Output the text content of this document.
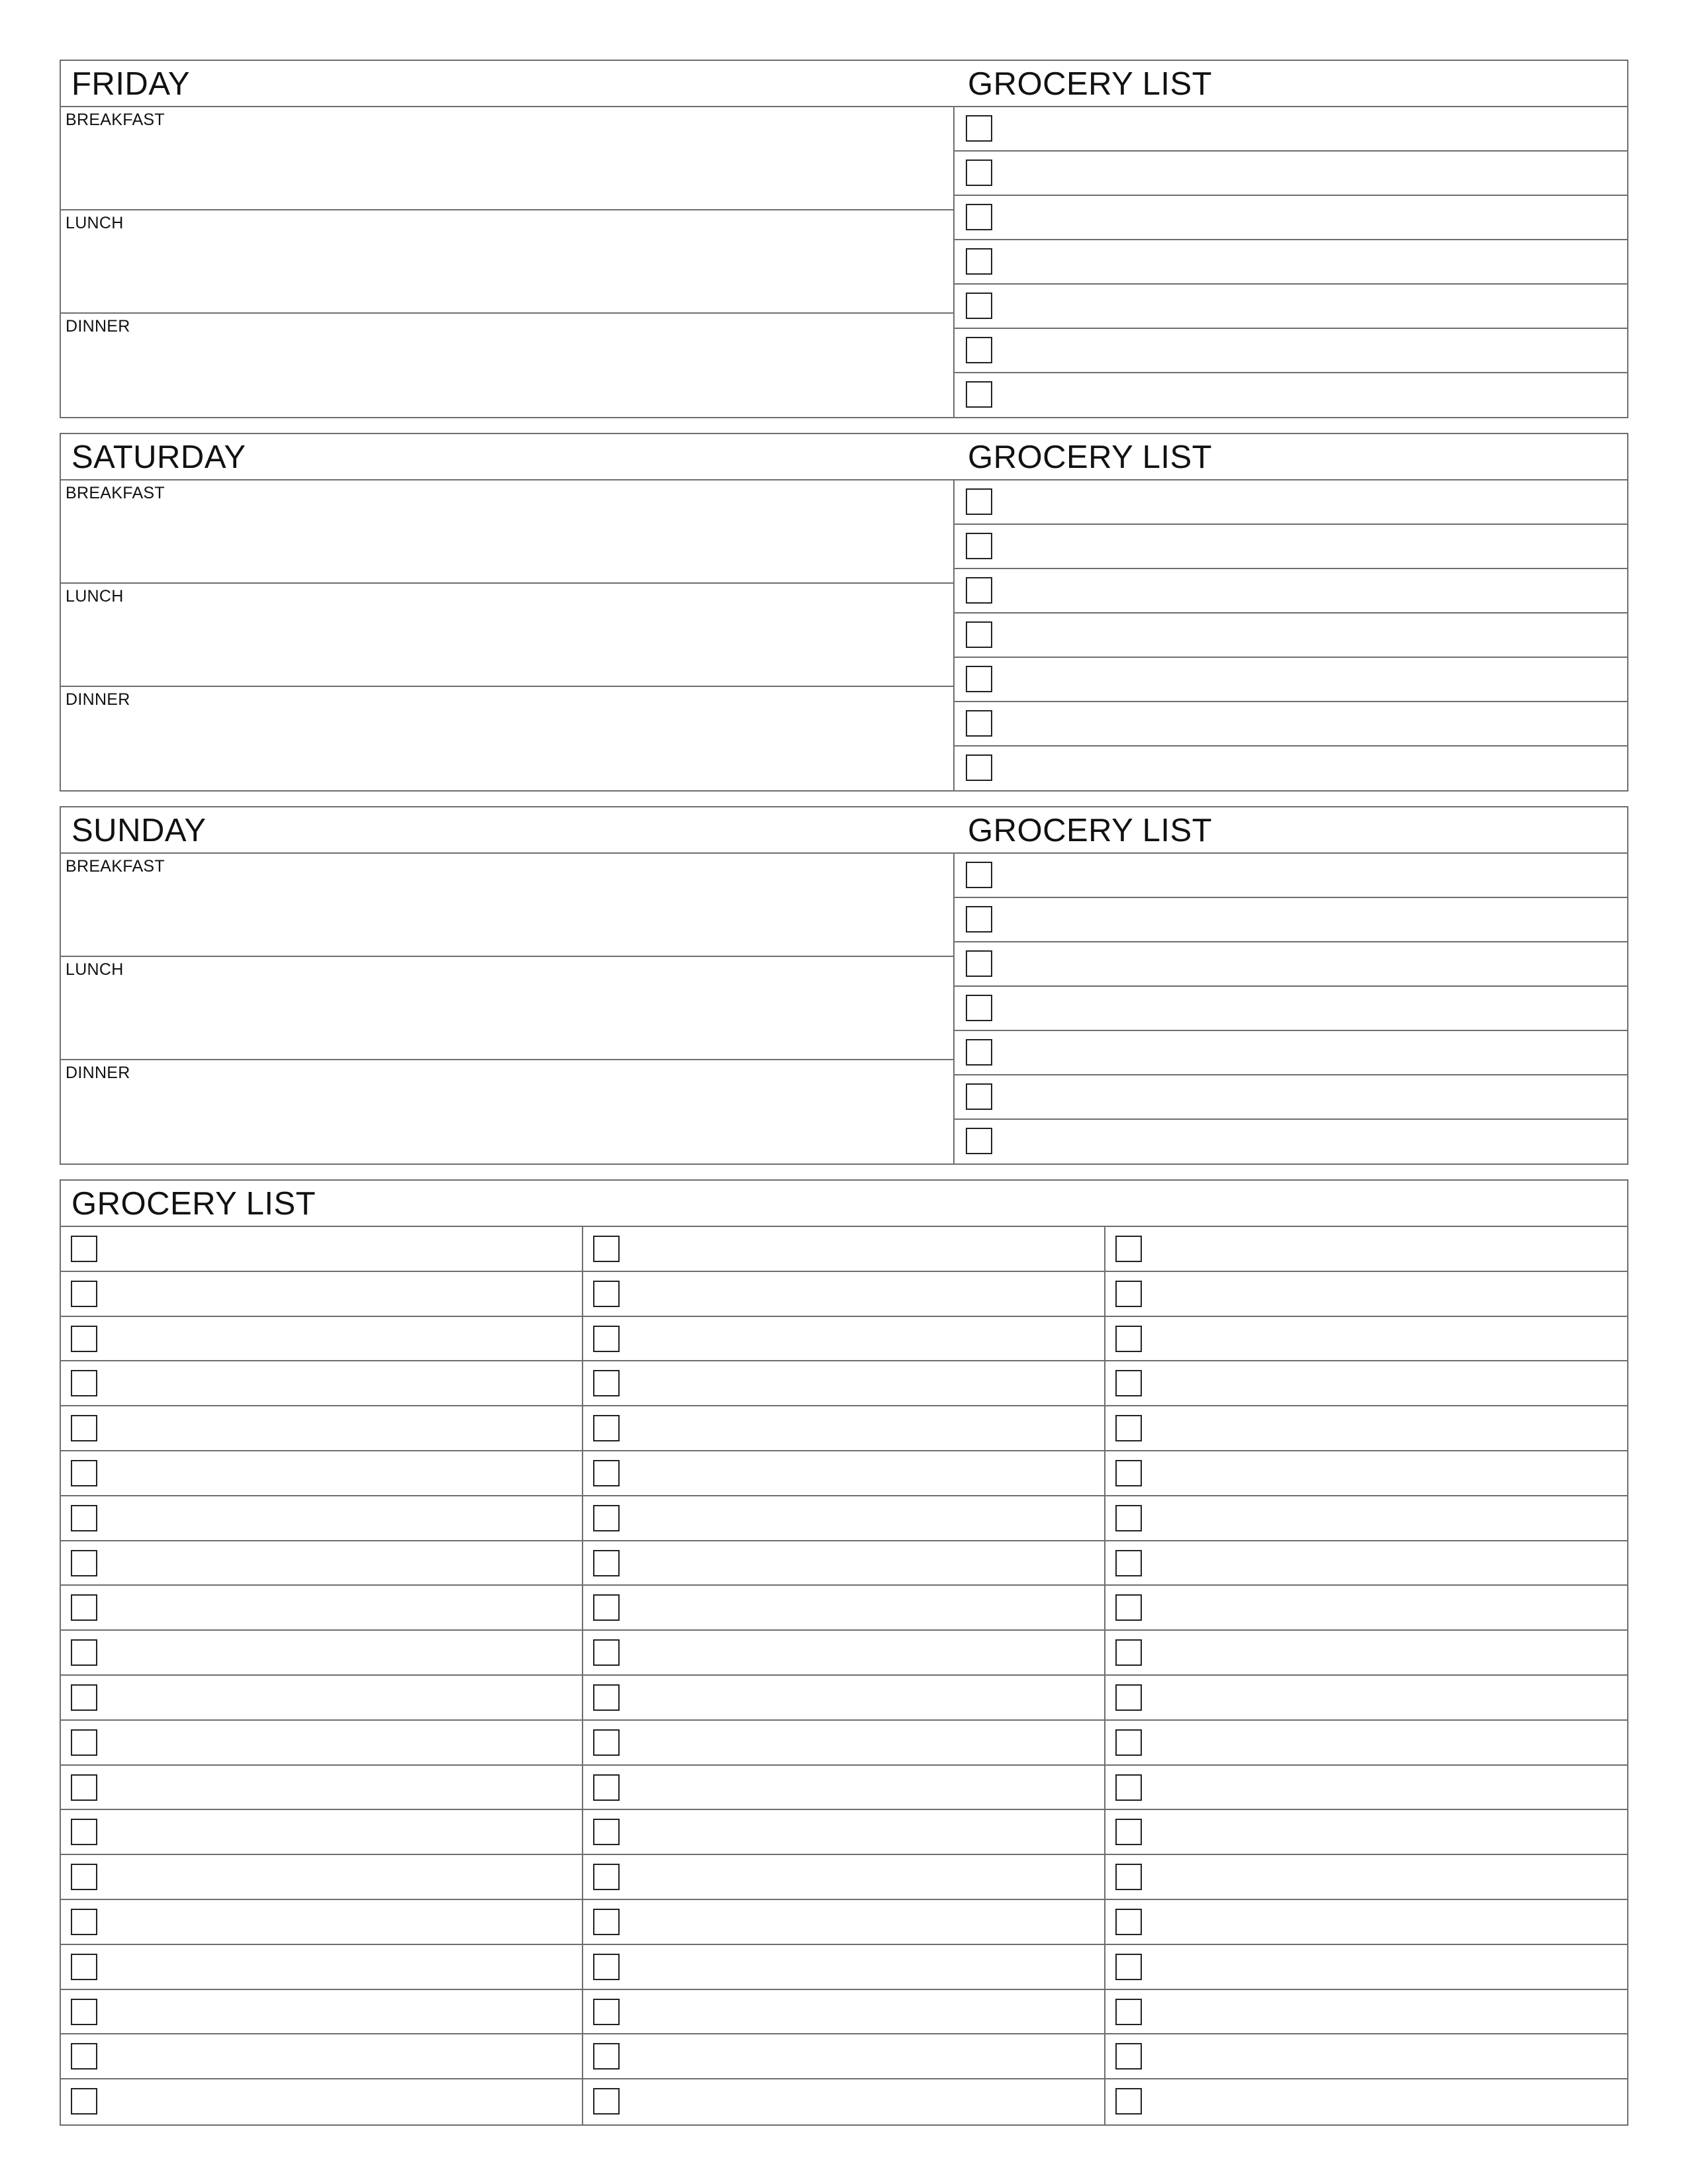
FRIDAY	GROCERY LIST
BREAKFAST
LUNCH
DINNER
SATURDAY	GROCERY LIST
BREAKFAST
LUNCH
DINNER
SUNDAY	GROCERY LIST
BREAKFAST
LUNCH
DINNER
GROCERY LIST
